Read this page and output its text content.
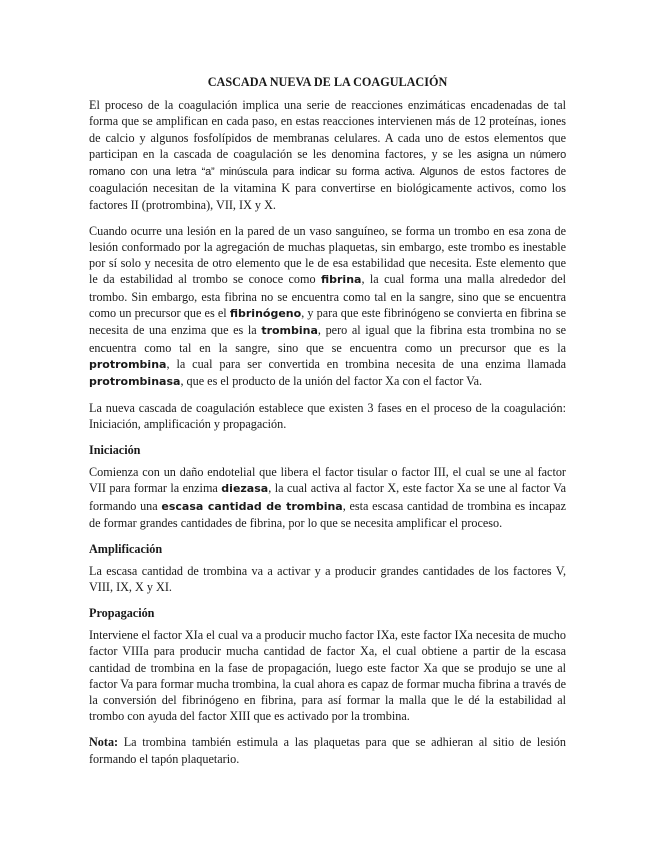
CASCADA NUEVA DE LA COAGULACIÓN

El proceso de la coagulación implica una serie de reacciones enzimáticas encadenadas de tal forma que se amplifican en cada paso, en estas reacciones intervienen más de 12 proteínas, iones de calcio y algunos fosfolípidos de membranas celulares. A cada uno de estos elementos que participan en la cascada de coagulación se les denomina factores, y se les asigna un número romano con una letra “a” minúscula para indicar su forma activa. Algunos de estos factores de coagulación necesitan de la vitamina K para convertirse en biológicamente activos, como los factores II (protrombina), VII, IX y X.

Cuando ocurre una lesión en la pared de un vaso sanguíneo, se forma un trombo en esa zona de lesión conformado por la agregación de muchas plaquetas, sin embargo, este trombo es inestable por sí solo y necesita de otro elemento que le de esa estabilidad que necesita. Este elemento que le da estabilidad al trombo se conoce como fibrina, la cual forma una malla alrededor del trombo. Sin embargo, esta fibrina no se encuentra como tal en la sangre, sino que se encuentra como un precursor que es el fibrinógeno, y para que este fibrinógeno se convierta en fibrina se necesita de una enzima que es la trombina, pero al igual que la fibrina esta trombina no se encuentra como tal en la sangre, sino que se encuentra como un precursor que es la protrombina, la cual para ser convertida en trombina necesita de una enzima llamada protrombinasa, que es el producto de la unión del factor Xa con el factor Va.

La nueva cascada de coagulación establece que existen 3 fases en el proceso de la coagulación: Iniciación, amplificación y propagación.

Iniciación

Comienza con un daño endotelial que libera el factor tisular o factor III, el cual se une al factor VII para formar la enzima diezasa, la cual activa al factor X, este factor Xa se une al factor Va formando una escasa cantidad de trombina, esta escasa cantidad de trombina es incapaz de formar grandes cantidades de fibrina, por lo que se necesita amplificar el proceso.

Amplificación

La escasa cantidad de trombina va a activar y a producir grandes cantidades de los factores V, VIII, IX, X y XI.

Propagación

Interviene el factor XIa el cual va a producir mucho factor IXa, este factor IXa necesita de mucho factor VIIIa para producir mucha cantidad de factor Xa, el cual obtiene a partir de la escasa cantidad de trombina en la fase de propagación, luego este factor Xa que se produjo se une al factor Va para formar mucha trombina, la cual ahora es capaz de formar mucha fibrina a través de la conversión del fibrinógeno en fibrina, para así formar la malla que le dé la estabilidad al trombo con ayuda del factor XIII que es activado por la trombina.

Nota: La trombina también estimula a las plaquetas para que se adhieran al sitio de lesión formando el tapón plaquetario.
